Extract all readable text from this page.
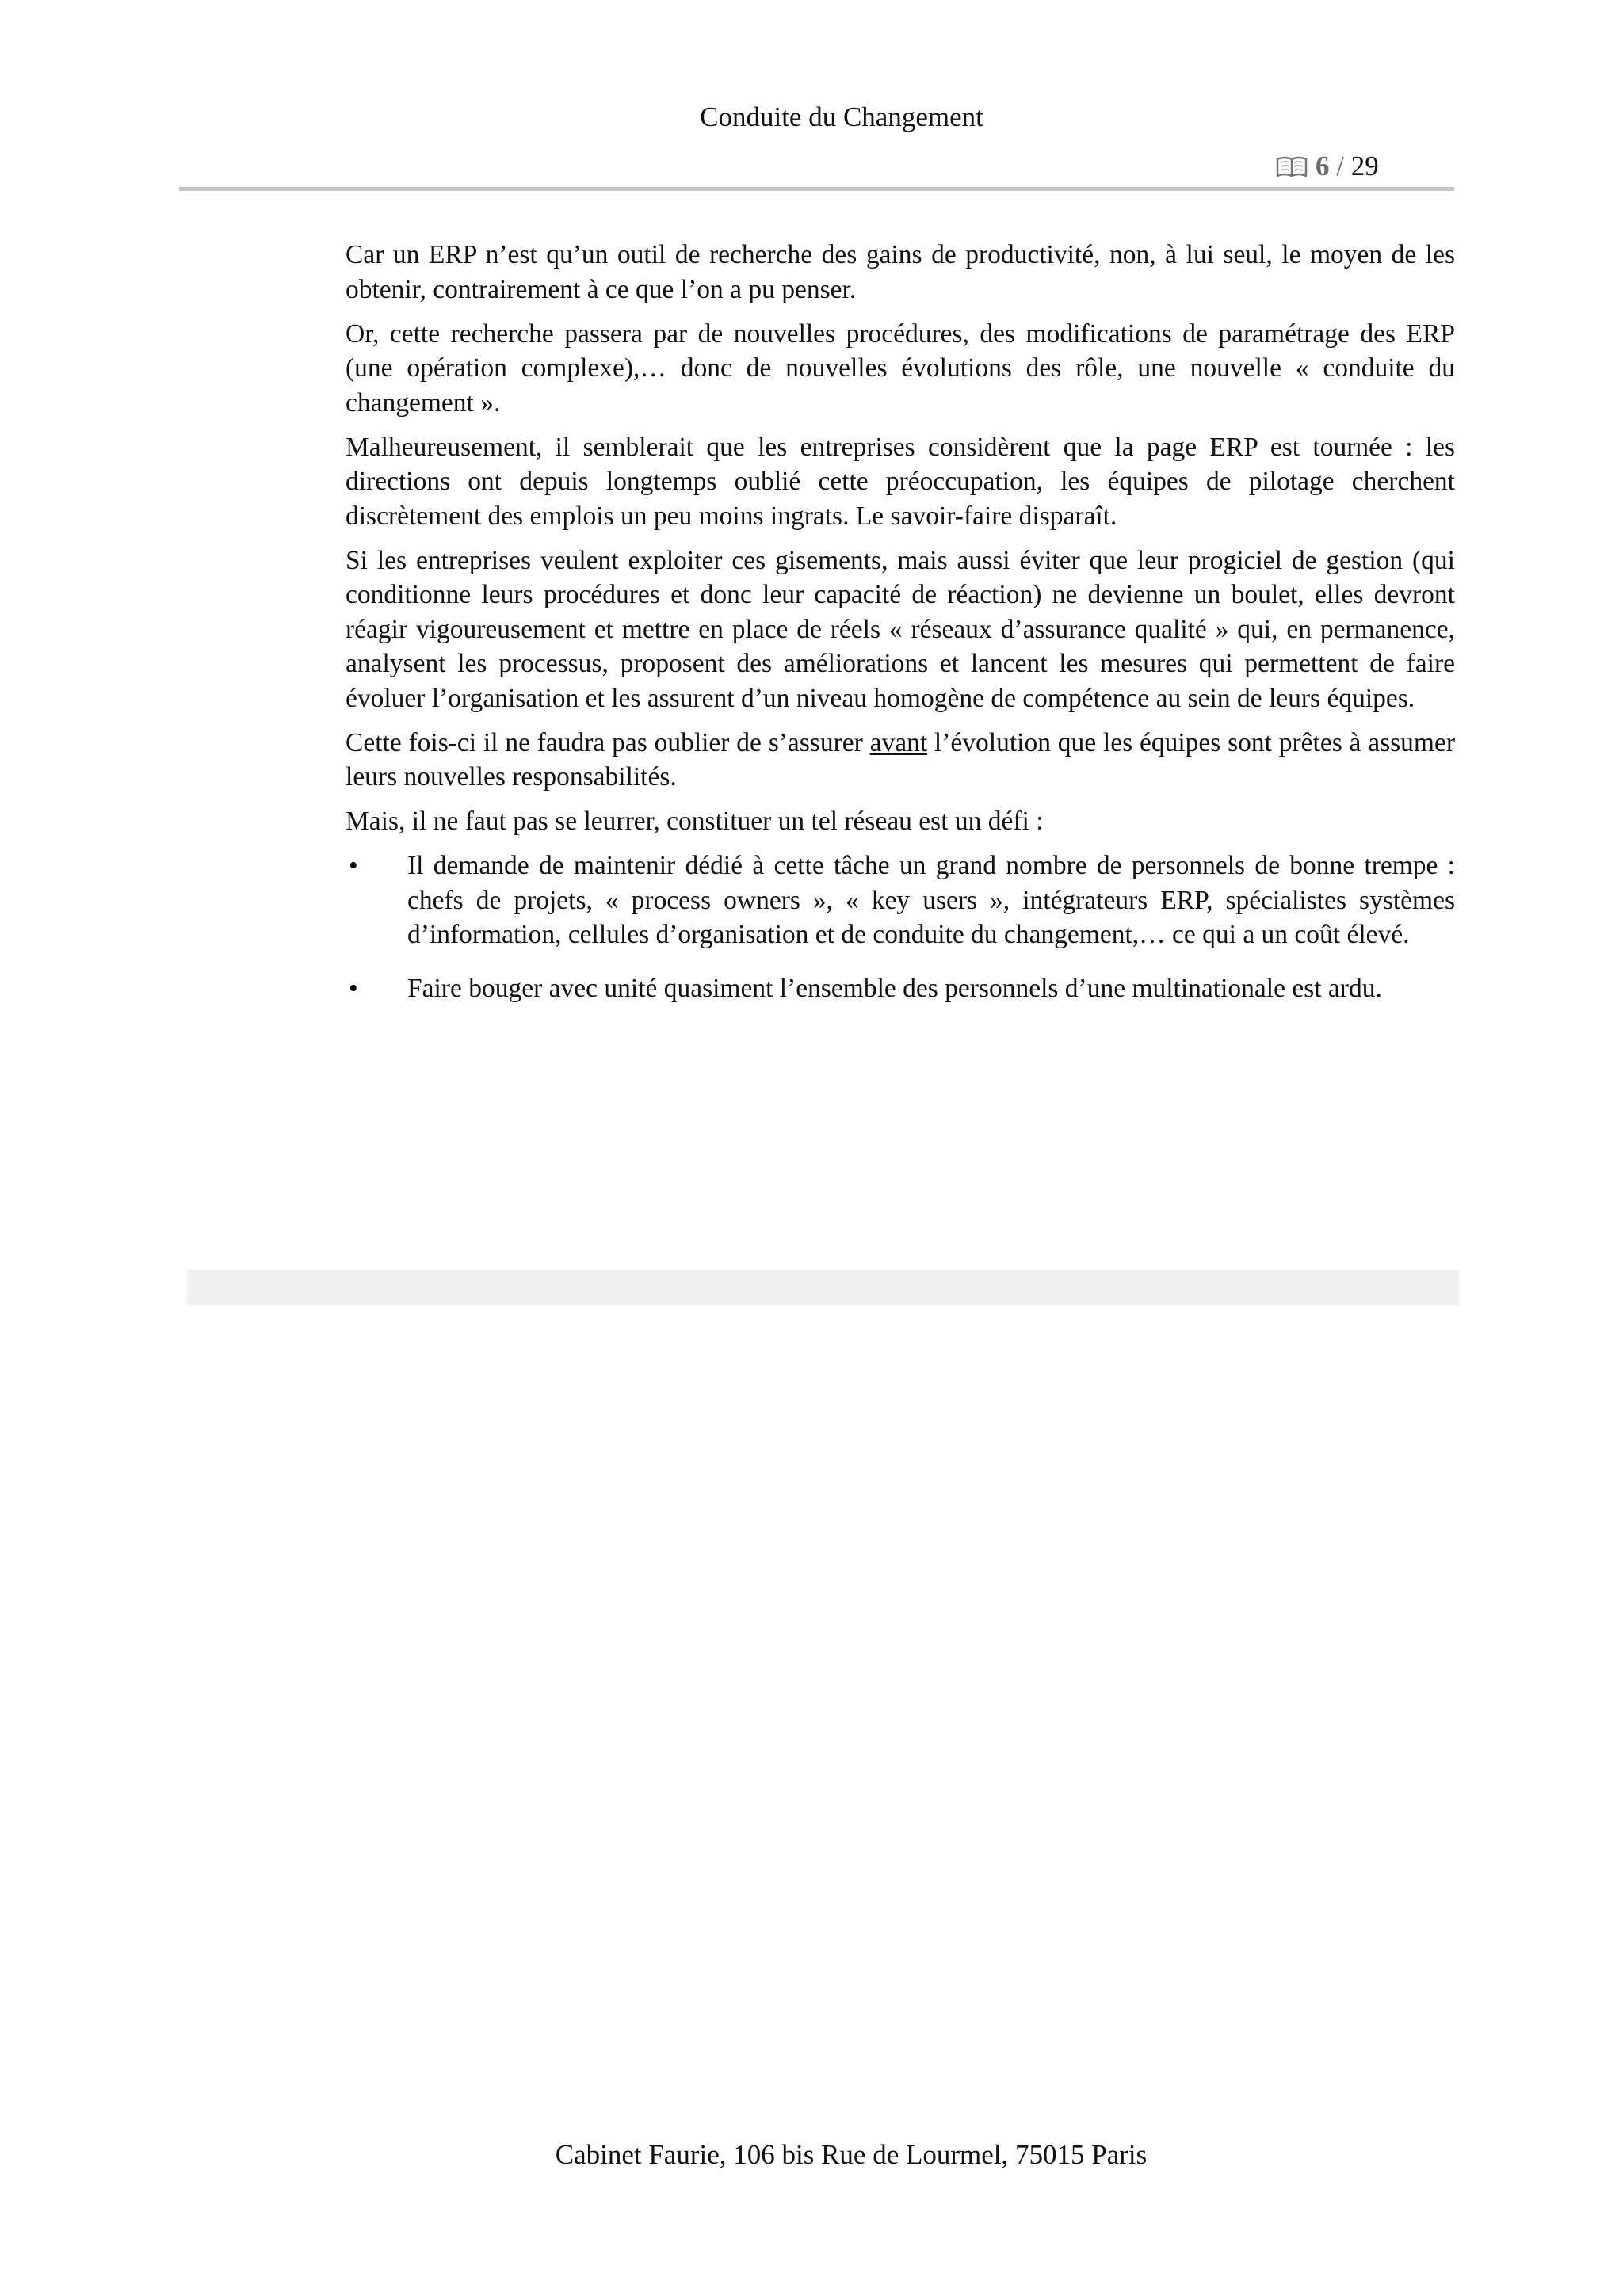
Conduite du Changement
6 / 29

Car un ERP n’est qu’un outil de recherche des gains de productivité, non, à lui seul, le moyen de les obtenir, contrairement à ce que l’on a pu penser.

Or, cette recherche passera par de nouvelles procédures, des modifications de paramétrage des ERP (une opération complexe),… donc de nouvelles évolutions des rôle, une nouvelle « conduite du changement ».

Malheureusement, il semblerait que les entreprises considèrent que la page ERP est tournée : les directions ont depuis longtemps oublié cette préoccupation, les équipes de pilotage cherchent discrètement des emplois un peu moins ingrats. Le savoir-faire disparaît.

Si les entreprises veulent exploiter ces gisements, mais aussi éviter que leur progiciel de gestion (qui conditionne leurs procédures et donc leur capacité de réaction) ne devienne un boulet, elles devront réagir vigoureusement et mettre en place de réels « réseaux d’assurance qualité » qui, en permanence, analysent les processus, proposent des améliorations et lancent les mesures qui permettent de faire évoluer l’organisation et les assurent d’un niveau homogène de compétence au sein de leurs équipes.

Cette fois-ci il ne faudra pas oublier de s’assurer avant l’évolution que les équipes sont prêtes à assumer leurs nouvelles responsabilités.

Mais, il ne faut pas se leurrer, constituer un tel réseau est un défi :

• Il demande de maintenir dédié à cette tâche un grand nombre de personnels de bonne trempe : chefs de projets, « process owners », « key users », intégrateurs ERP, spécialistes systèmes d’information, cellules d’organisation et de conduite du changement,… ce qui a un coût élevé.
• Faire bouger avec unité quasiment l’ensemble des personnels d’une multinationale est ardu.
Cabinet Faurie, 106 bis Rue de Lourmel, 75015 Paris
